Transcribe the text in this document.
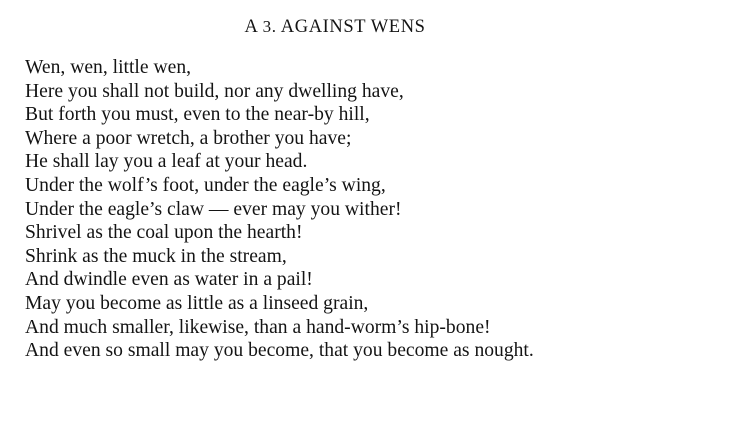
A 3. AGAINST WENS
Wen, wen, little wen,
Here you shall not build, nor any dwelling have,
But forth you must, even to the near-by hill,
Where a poor wretch, a brother you have;
He shall lay you a leaf at your head.
Under the wolf’s foot, under the eagle’s wing,
Under the eagle’s claw — ever may you wither!
Shrivel as the coal upon the hearth!
Shrink as the muck in the stream,
And dwindle even as water in a pail!
May you become as little as a linseed grain,
And much smaller, likewise, than a hand-worm’s hip-bone!
And even so small may you become, that you become as nought.
